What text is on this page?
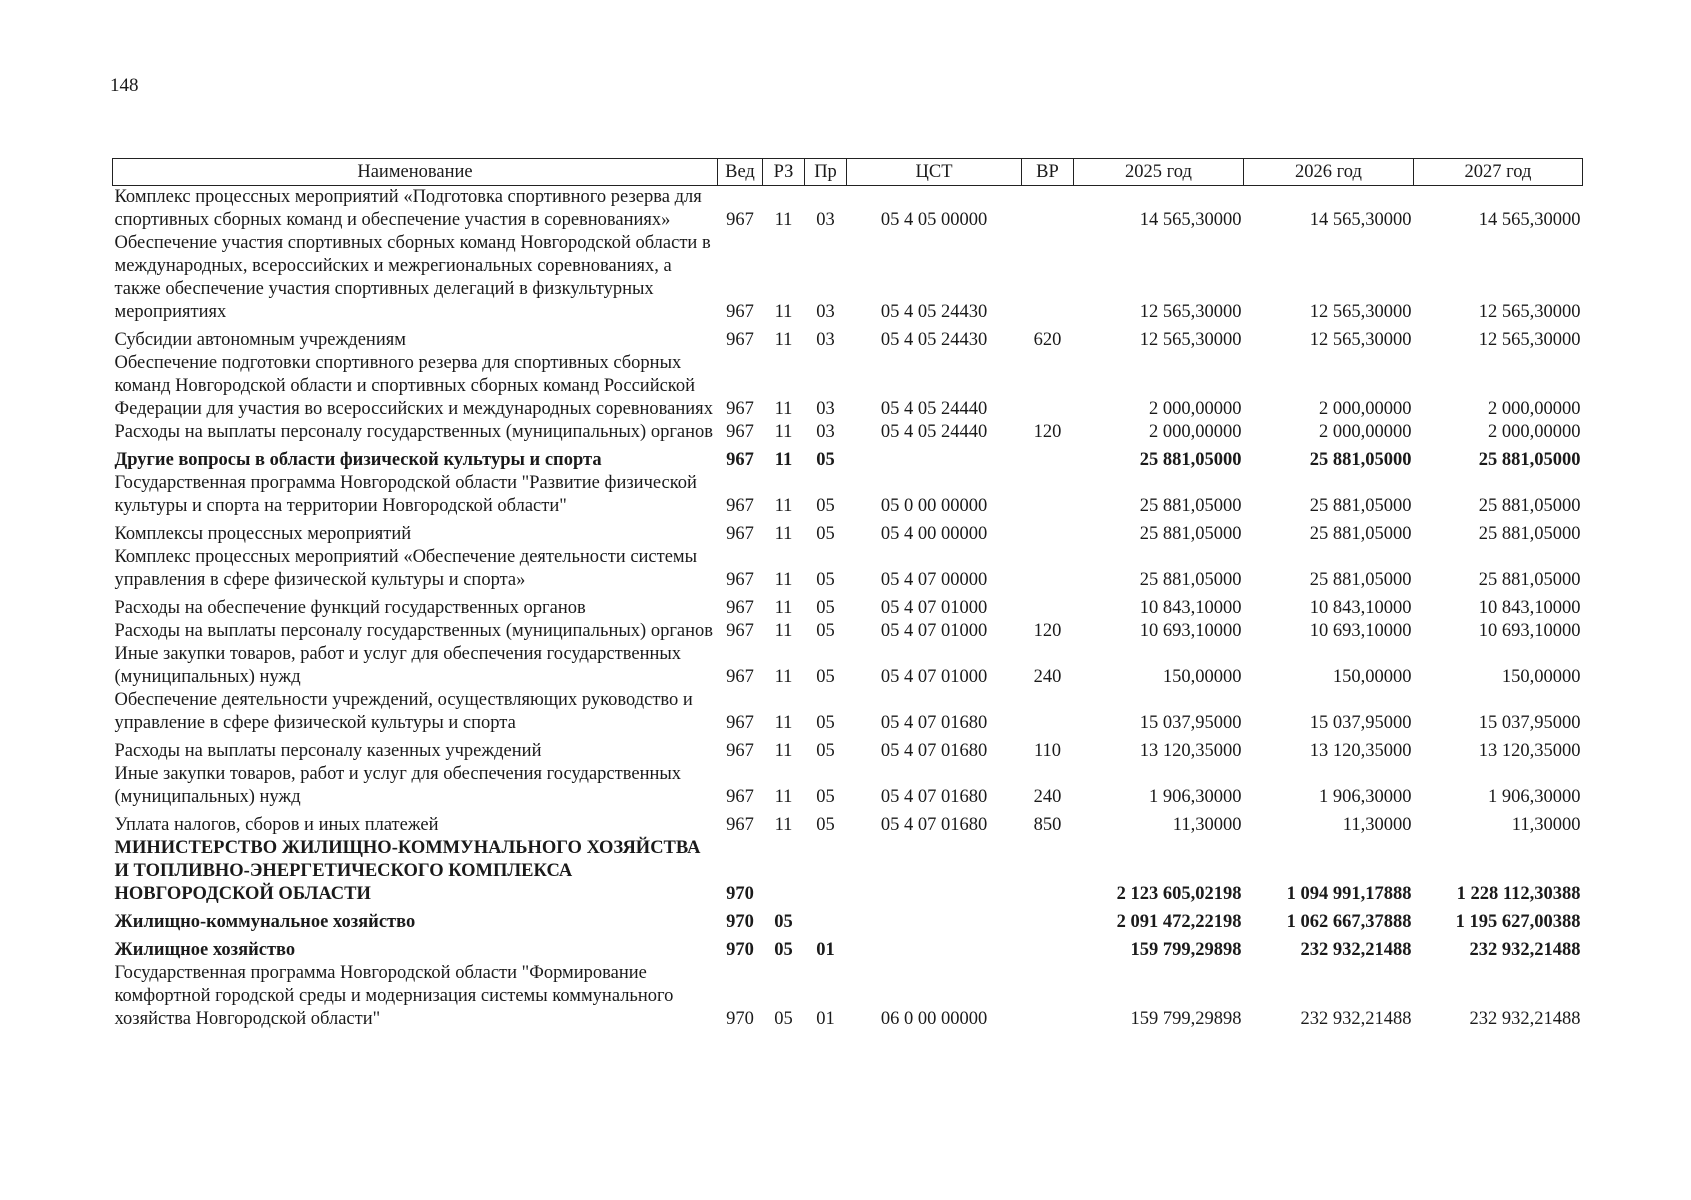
148
Наименование	Вед	РЗ	Пр	ЦСТ	ВР	2025 год	2026 год	2027 год
Комплекс процессных мероприятий «Подготовка спортивного резерва для спортивных сборных команд и обеспечение участия в соревнованиях»	967	11	03	05 4 05 00000		14 565,30000	14 565,30000	14 565,30000
Обеспечение участия спортивных сборных команд Новгородской области в международных, всероссийских и межрегиональных соревнованиях, а также обеспечение участия спортивных делегаций в физкультурных мероприятиях	967	11	03	05 4 05 24430		12 565,30000	12 565,30000	12 565,30000
Субсидии автономным учреждениям	967	11	03	05 4 05 24430	620	12 565,30000	12 565,30000	12 565,30000
Обеспечение подготовки спортивного резерва для спортивных сборных команд Новгородской области и спортивных сборных команд Российской Федерации для участия во всероссийских и международных соревнованиях	967	11	03	05 4 05 24440		2 000,00000	2 000,00000	2 000,00000
Расходы на выплаты персоналу государственных (муниципальных) органов	967	11	03	05 4 05 24440	120	2 000,00000	2 000,00000	2 000,00000
Другие вопросы в области физической культуры и спорта	967	11	05			25 881,05000	25 881,05000	25 881,05000
Государственная программа Новгородской области "Развитие физической культуры и спорта на территории Новгородской области"	967	11	05	05 0 00 00000		25 881,05000	25 881,05000	25 881,05000
Комплексы процессных мероприятий	967	11	05	05 4 00 00000		25 881,05000	25 881,05000	25 881,05000
Комплекс процессных мероприятий «Обеспечение деятельности системы управления в сфере физической культуры и спорта»	967	11	05	05 4 07 00000		25 881,05000	25 881,05000	25 881,05000
Расходы на обеспечение функций государственных органов	967	11	05	05 4 07 01000		10 843,10000	10 843,10000	10 843,10000
Расходы на выплаты персоналу государственных (муниципальных) органов	967	11	05	05 4 07 01000	120	10 693,10000	10 693,10000	10 693,10000
Иные закупки товаров, работ и услуг для обеспечения государственных (муниципальных) нужд	967	11	05	05 4 07 01000	240	150,00000	150,00000	150,00000
Обеспечение деятельности учреждений, осуществляющих руководство и управление в сфере физической культуры и спорта	967	11	05	05 4 07 01680		15 037,95000	15 037,95000	15 037,95000
Расходы на выплаты персоналу казенных учреждений	967	11	05	05 4 07 01680	110	13 120,35000	13 120,35000	13 120,35000
Иные закупки товаров, работ и услуг для обеспечения государственных (муниципальных) нужд	967	11	05	05 4 07 01680	240	1 906,30000	1 906,30000	1 906,30000
Уплата налогов, сборов и иных платежей	967	11	05	05 4 07 01680	850	11,30000	11,30000	11,30000
МИНИСТЕРСТВО ЖИЛИЩНО-КОММУНАЛЬНОГО ХОЗЯЙСТВА И ТОПЛИВНО-ЭНЕРГЕТИЧЕСКОГО КОМПЛЕКСА НОВГОРОДСКОЙ ОБЛАСТИ	970					2 123 605,02198	1 094 991,17888	1 228 112,30388
Жилищно-коммунальное хозяйство	970	05				2 091 472,22198	1 062 667,37888	1 195 627,00388
Жилищное хозяйство	970	05	01			159 799,29898	232 932,21488	232 932,21488
Государственная программа Новгородской области "Формирование комфортной городской среды и модернизация системы коммунального хозяйства Новгородской области"	970	05	01	06 0 00 00000		159 799,29898	232 932,21488	232 932,21488
